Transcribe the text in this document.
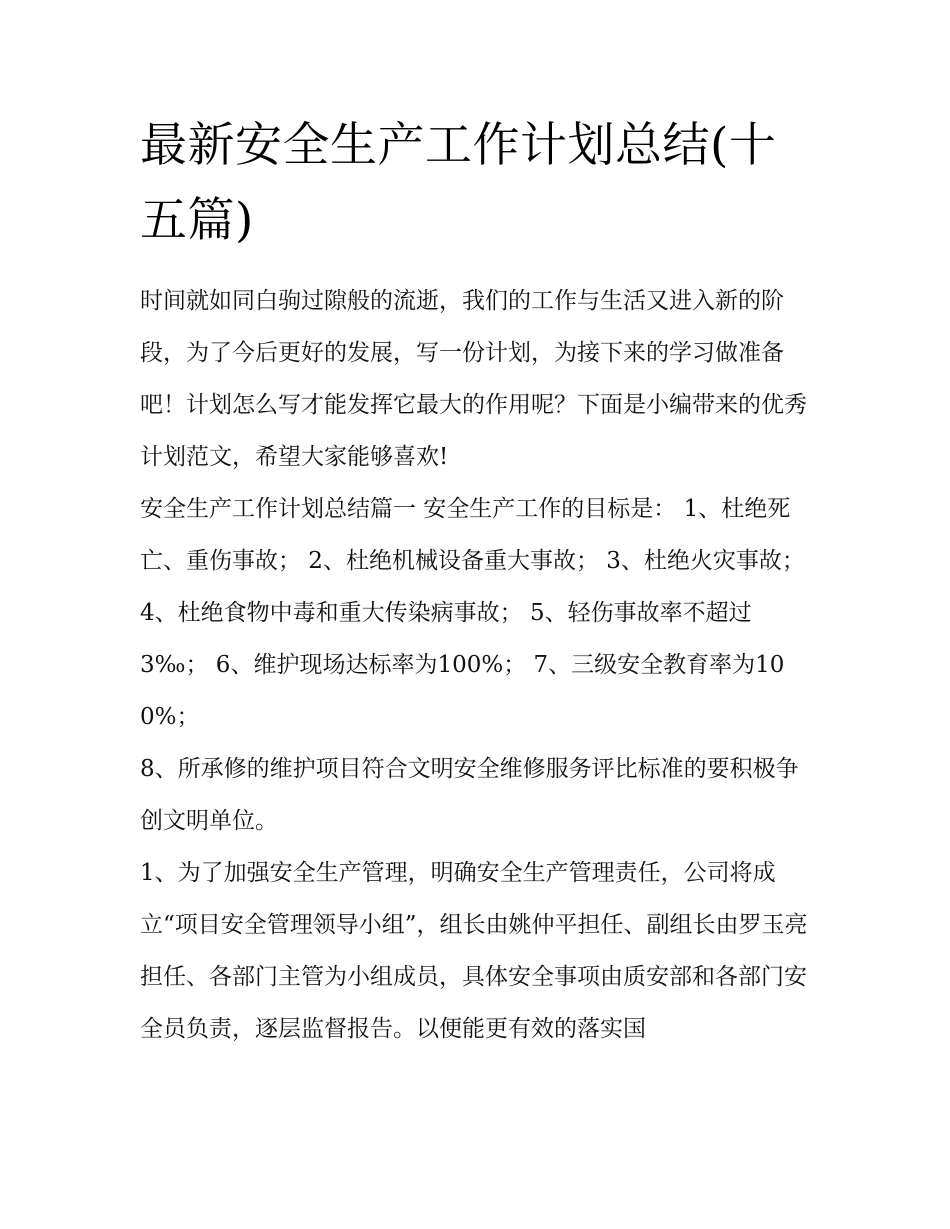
最新安全生产工作计划总结(十五篇)

时间就如同白驹过隙般的流逝，我们的工作与生活又进入新的阶段，为了今后更好的发展，写一份计划，为接下来的学习做准备吧！计划怎么写才能发挥它最大的作用呢？下面是小编带来的优秀计划范文，希望大家能够喜欢!

安全生产工作计划总结篇一 安全生产工作的目标是： 1、杜绝死亡、重伤事故； 2、杜绝机械设备重大事故； 3、杜绝火灾事故；

4、杜绝食物中毒和重大传染病事故； 5、轻伤事故率不超过3‰； 6、维护现场达标率为100%； 7、三级安全教育率为100%；

8、所承修的维护项目符合文明安全维修服务评比标准的要积极争创文明单位。

1、为了加强安全生产管理，明确安全生产管理责任，公司将成立“项目安全管理领导小组”，组长由姚仲平担任、副组长由罗玉亮担任、各部门主管为小组成员，具体安全事项由质安部和各部门安全员负责，逐层监督报告。以便能更有效的落实国
